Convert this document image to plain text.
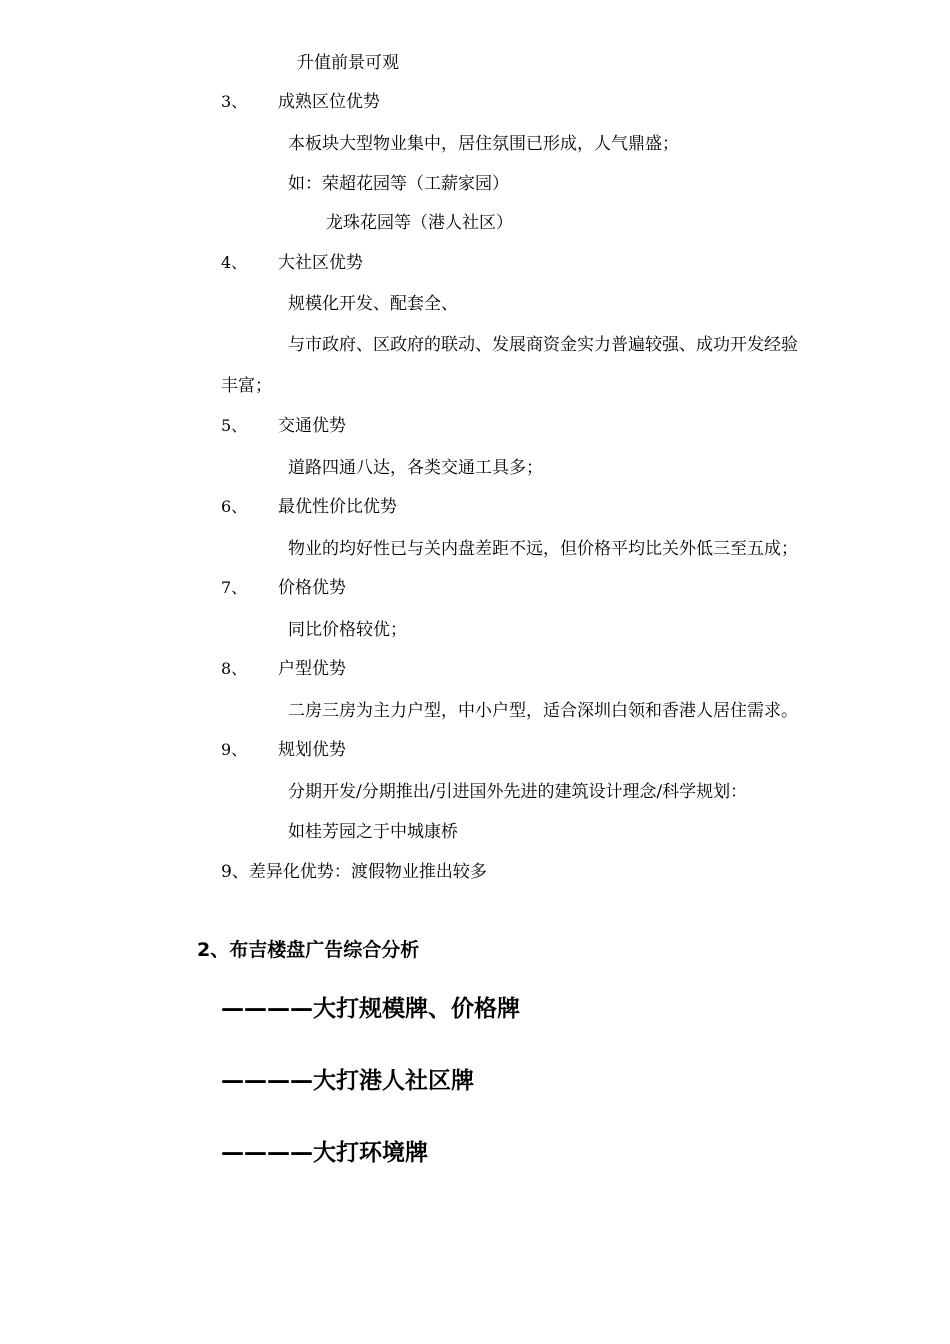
升值前景可观
3、 成熟区位优势
本板块大型物业集中，居住氛围已形成，人气鼎盛；
如：荣超花园等（工薪家园）
龙珠花园等（港人社区）
4、 大社区优势
规模化开发、配套全、
与市政府、区政府的联动、发展商资金实力普遍较强、成功开发经验
丰富；
5、 交通优势
道路四通八达，各类交通工具多；
6、 最优性价比优势
物业的均好性已与关内盘差距不远，但价格平均比关外低三至五成；
7、 价格优势
同比价格较优；
8、 户型优势
二房三房为主力户型，中小户型，适合深圳白领和香港人居住需求。
9、 规划优势
分期开发/分期推出/引进国外先进的建筑设计理念/科学规划：
如桂芳园之于中城康桥
9、差异化优势：渡假物业推出较多
2、布吉楼盘广告综合分析
————大打规模牌、价格牌
————大打港人社区牌
————大打环境牌
